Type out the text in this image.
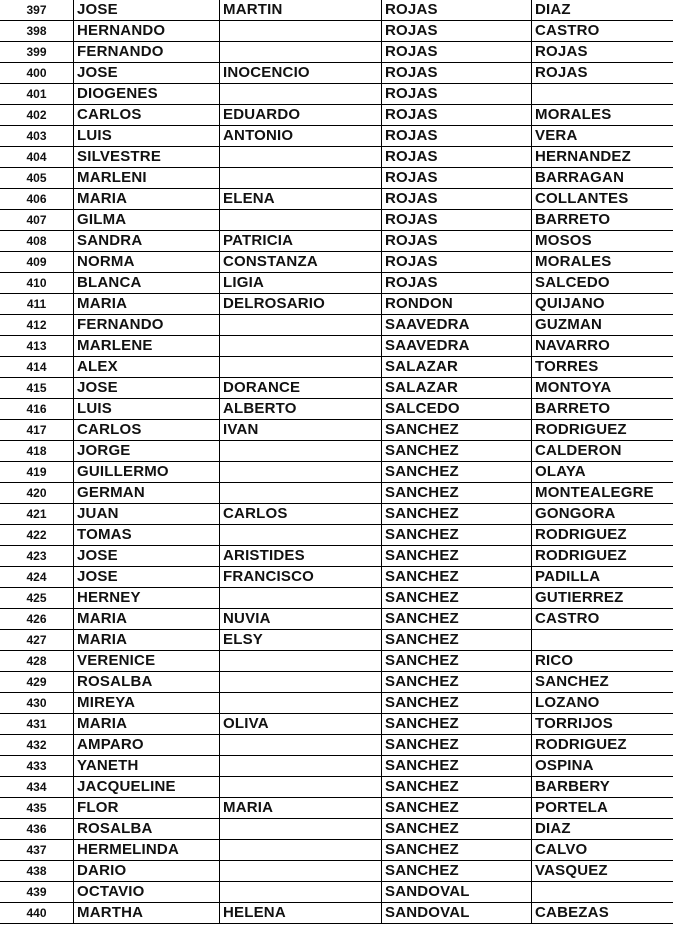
397	JOSE	MARTIN	ROJAS	DIAZ
398	HERNANDO		ROJAS	CASTRO
399	FERNANDO		ROJAS	ROJAS
400	JOSE	INOCENCIO	ROJAS	ROJAS
401	DIOGENES		ROJAS	
402	CARLOS	EDUARDO	ROJAS	MORALES
403	LUIS	ANTONIO	ROJAS	VERA
404	SILVESTRE		ROJAS	HERNANDEZ
405	MARLENI		ROJAS	BARRAGAN
406	MARIA	ELENA	ROJAS	COLLANTES
407	GILMA		ROJAS	BARRETO
408	SANDRA	PATRICIA	ROJAS	MOSOS
409	NORMA	CONSTANZA	ROJAS	MORALES
410	BLANCA	LIGIA	ROJAS	SALCEDO
411	MARIA	DELROSARIO	RONDON	QUIJANO
412	FERNANDO		SAAVEDRA	GUZMAN
413	MARLENE		SAAVEDRA	NAVARRO
414	ALEX		SALAZAR	TORRES
415	JOSE	DORANCE	SALAZAR	MONTOYA
416	LUIS	ALBERTO	SALCEDO	BARRETO
417	CARLOS	IVAN	SANCHEZ	RODRIGUEZ
418	JORGE		SANCHEZ	CALDERON
419	GUILLERMO		SANCHEZ	OLAYA
420	GERMAN		SANCHEZ	MONTEALEGRE
421	JUAN	CARLOS	SANCHEZ	GONGORA
422	TOMAS		SANCHEZ	RODRIGUEZ
423	JOSE	ARISTIDES	SANCHEZ	RODRIGUEZ
424	JOSE	FRANCISCO	SANCHEZ	PADILLA
425	HERNEY		SANCHEZ	GUTIERREZ
426	MARIA	NUVIA	SANCHEZ	CASTRO
427	MARIA	ELSY	SANCHEZ	
428	VERENICE		SANCHEZ	RICO
429	ROSALBA		SANCHEZ	SANCHEZ
430	MIREYA		SANCHEZ	LOZANO
431	MARIA	OLIVA	SANCHEZ	TORRIJOS
432	AMPARO		SANCHEZ	RODRIGUEZ
433	YANETH		SANCHEZ	OSPINA
434	JACQUELINE		SANCHEZ	BARBERY
435	FLOR	MARIA	SANCHEZ	PORTELA
436	ROSALBA		SANCHEZ	DIAZ
437	HERMELINDA		SANCHEZ	CALVO
438	DARIO		SANCHEZ	VASQUEZ
439	OCTAVIO		SANDOVAL	
440	MARTHA	HELENA	SANDOVAL	CABEZAS
